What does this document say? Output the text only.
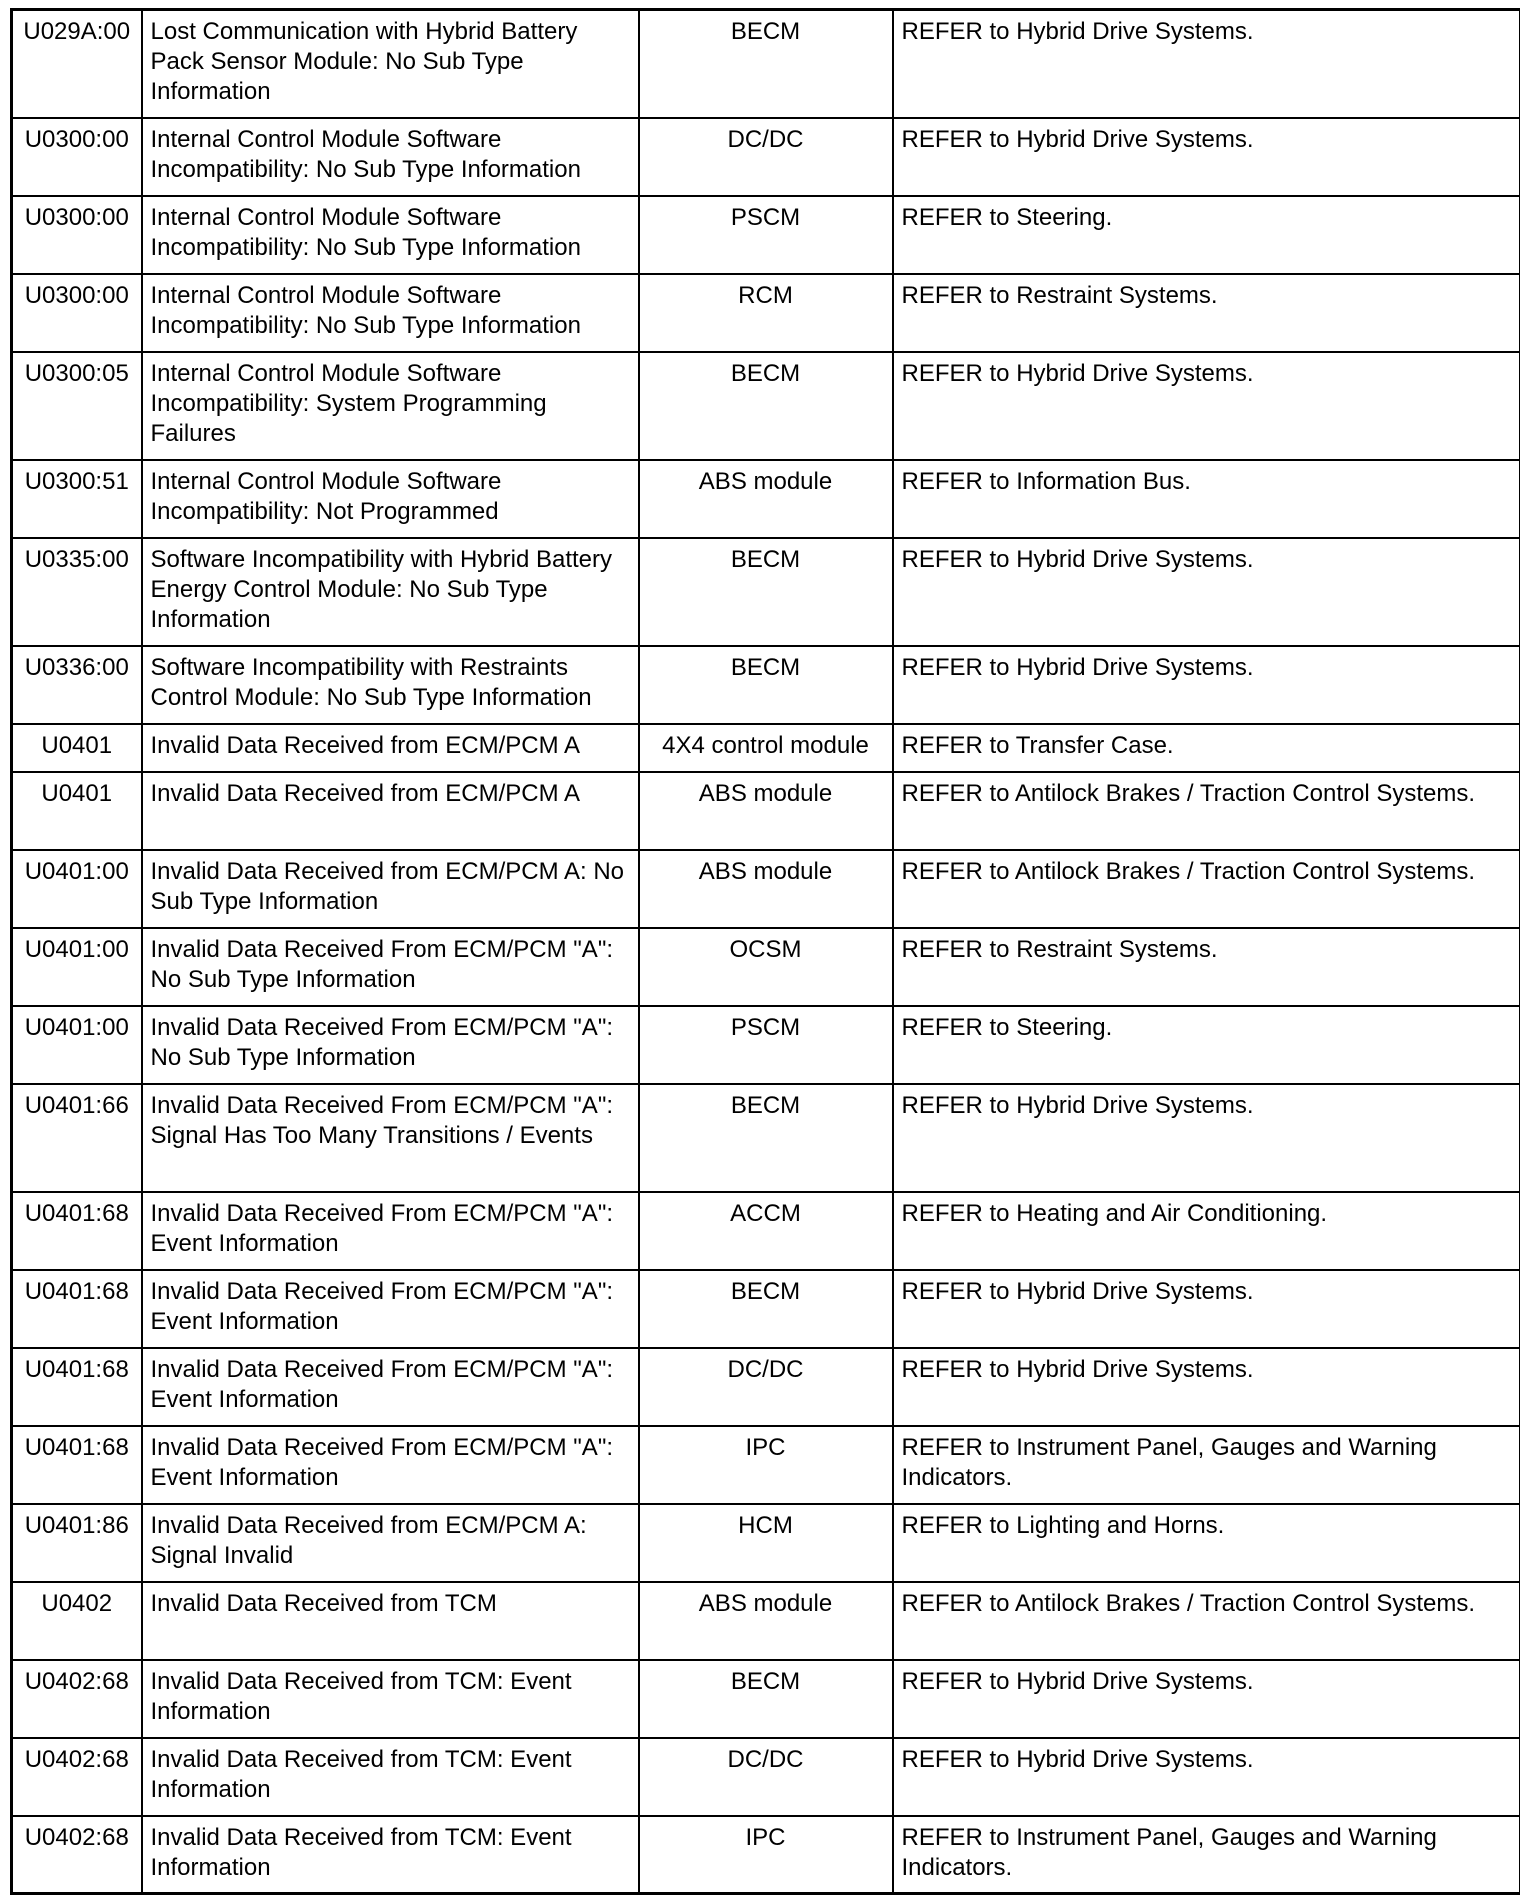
U029A:00	Lost Communication with Hybrid Battery Pack Sensor Module: No Sub Type Information	BECM	REFER to Hybrid Drive Systems.
U0300:00	Internal Control Module Software Incompatibility: No Sub Type Information	DC/DC	REFER to Hybrid Drive Systems.
U0300:00	Internal Control Module Software Incompatibility: No Sub Type Information	PSCM	REFER to Steering.
U0300:00	Internal Control Module Software Incompatibility: No Sub Type Information	RCM	REFER to Restraint Systems.
U0300:05	Internal Control Module Software Incompatibility: System Programming Failures	BECM	REFER to Hybrid Drive Systems.
U0300:51	Internal Control Module Software Incompatibility: Not Programmed	ABS module	REFER to Information Bus.
U0335:00	Software Incompatibility with Hybrid Battery Energy Control Module: No Sub Type Information	BECM	REFER to Hybrid Drive Systems.
U0336:00	Software Incompatibility with Restraints Control Module: No Sub Type Information	BECM	REFER to Hybrid Drive Systems.
U0401	Invalid Data Received from ECM/PCM A	4X4 control module	REFER to Transfer Case.
U0401	Invalid Data Received from ECM/PCM A	ABS module	REFER to Antilock Brakes / Traction Control Systems.
U0401:00	Invalid Data Received from ECM/PCM A: No Sub Type Information	ABS module	REFER to Antilock Brakes / Traction Control Systems.
U0401:00	Invalid Data Received From ECM/PCM "A": No Sub Type Information	OCSM	REFER to Restraint Systems.
U0401:00	Invalid Data Received From ECM/PCM "A": No Sub Type Information	PSCM	REFER to Steering.
U0401:66	Invalid Data Received From ECM/PCM "A": Signal Has Too Many Transitions / Events	BECM	REFER to Hybrid Drive Systems.
U0401:68	Invalid Data Received From ECM/PCM "A": Event Information	ACCM	REFER to Heating and Air Conditioning.
U0401:68	Invalid Data Received From ECM/PCM "A": Event Information	BECM	REFER to Hybrid Drive Systems.
U0401:68	Invalid Data Received From ECM/PCM "A": Event Information	DC/DC	REFER to Hybrid Drive Systems.
U0401:68	Invalid Data Received From ECM/PCM "A": Event Information	IPC	REFER to Instrument Panel, Gauges and Warning Indicators.
U0401:86	Invalid Data Received from ECM/PCM A: Signal Invalid	HCM	REFER to Lighting and Horns.
U0402	Invalid Data Received from TCM	ABS module	REFER to Antilock Brakes / Traction Control Systems.
U0402:68	Invalid Data Received from TCM: Event Information	BECM	REFER to Hybrid Drive Systems.
U0402:68	Invalid Data Received from TCM: Event Information	DC/DC	REFER to Hybrid Drive Systems.
U0402:68	Invalid Data Received from TCM: Event Information	IPC	REFER to Instrument Panel, Gauges and Warning Indicators.
